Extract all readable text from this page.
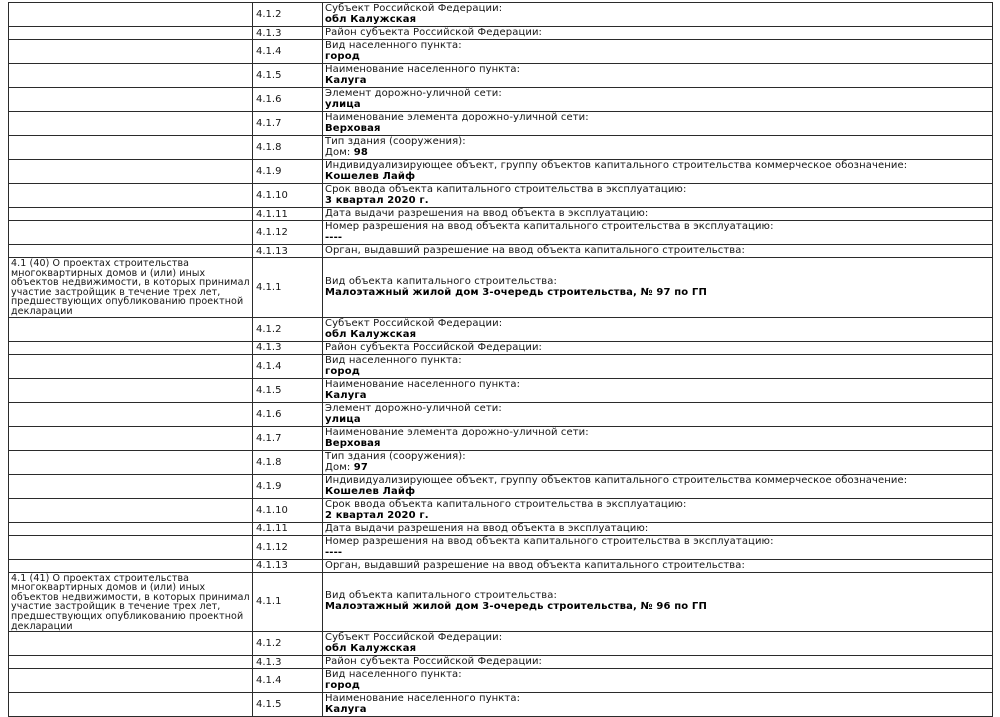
	4.1.2	Субъект Российской Федерации:
обл Калужская

	4.1.3	Район субъекта Российской Федерации:

	4.1.4	Вид населенного пункта:
город

	4.1.5	Наименование населенного пункта:
Калуга

	4.1.6	Элемент дорожно-уличной сети:
улица

	4.1.7	Наименование элемента дорожно-уличной сети:
Верховая

	4.1.8	Тип здания (сооружения):
Дом: 98

	4.1.9	Индивидуализирующее объект, группу объектов капитального строительства коммерческое обозначение:
Кошелев Лайф

	4.1.10	Срок ввода объекта капитального строительства в эксплуатацию:
3 квартал 2020 г.

	4.1.11	Дата выдачи разрешения на ввод объекта в эксплуатацию:

	4.1.12	Номер разрешения на ввод объекта капитального строительства в эксплуатацию:
----

	4.1.13	Орган, выдавший разрешение на ввод объекта капитального строительства:

4.1 (40) О проектах строительства многоквартирных домов и (или) иных объектов недвижимости, в которых принимал участие застройщик в течение трех лет, предшествующих опубликованию проектной декларации	4.1.1	Вид объекта капитального строительства:
Малоэтажный жилой дом 3-очередь строительства, № 97 по ГП

	4.1.2	Субъект Российской Федерации:
обл Калужская

	4.1.3	Район субъекта Российской Федерации:

	4.1.4	Вид населенного пункта:
город

	4.1.5	Наименование населенного пункта:
Калуга

	4.1.6	Элемент дорожно-уличной сети:
улица

	4.1.7	Наименование элемента дорожно-уличной сети:
Верховая

	4.1.8	Тип здания (сооружения):
Дом: 97

	4.1.9	Индивидуализирующее объект, группу объектов капитального строительства коммерческое обозначение:
Кошелев Лайф

	4.1.10	Срок ввода объекта капитального строительства в эксплуатацию:
2 квартал 2020 г.

	4.1.11	Дата выдачи разрешения на ввод объекта в эксплуатацию:

	4.1.12	Номер разрешения на ввод объекта капитального строительства в эксплуатацию:
----

	4.1.13	Орган, выдавший разрешение на ввод объекта капитального строительства:

4.1 (41) О проектах строительства многоквартирных домов и (или) иных объектов недвижимости, в которых принимал участие застройщик в течение трех лет, предшествующих опубликованию проектной декларации	4.1.1	Вид объекта капитального строительства:
Малоэтажный жилой дом 3-очередь строительства, № 96 по ГП

	4.1.2	Субъект Российской Федерации:
обл Калужская

	4.1.3	Район субъекта Российской Федерации:

	4.1.4	Вид населенного пункта:
город

	4.1.5	Наименование населенного пункта:
Калуга
